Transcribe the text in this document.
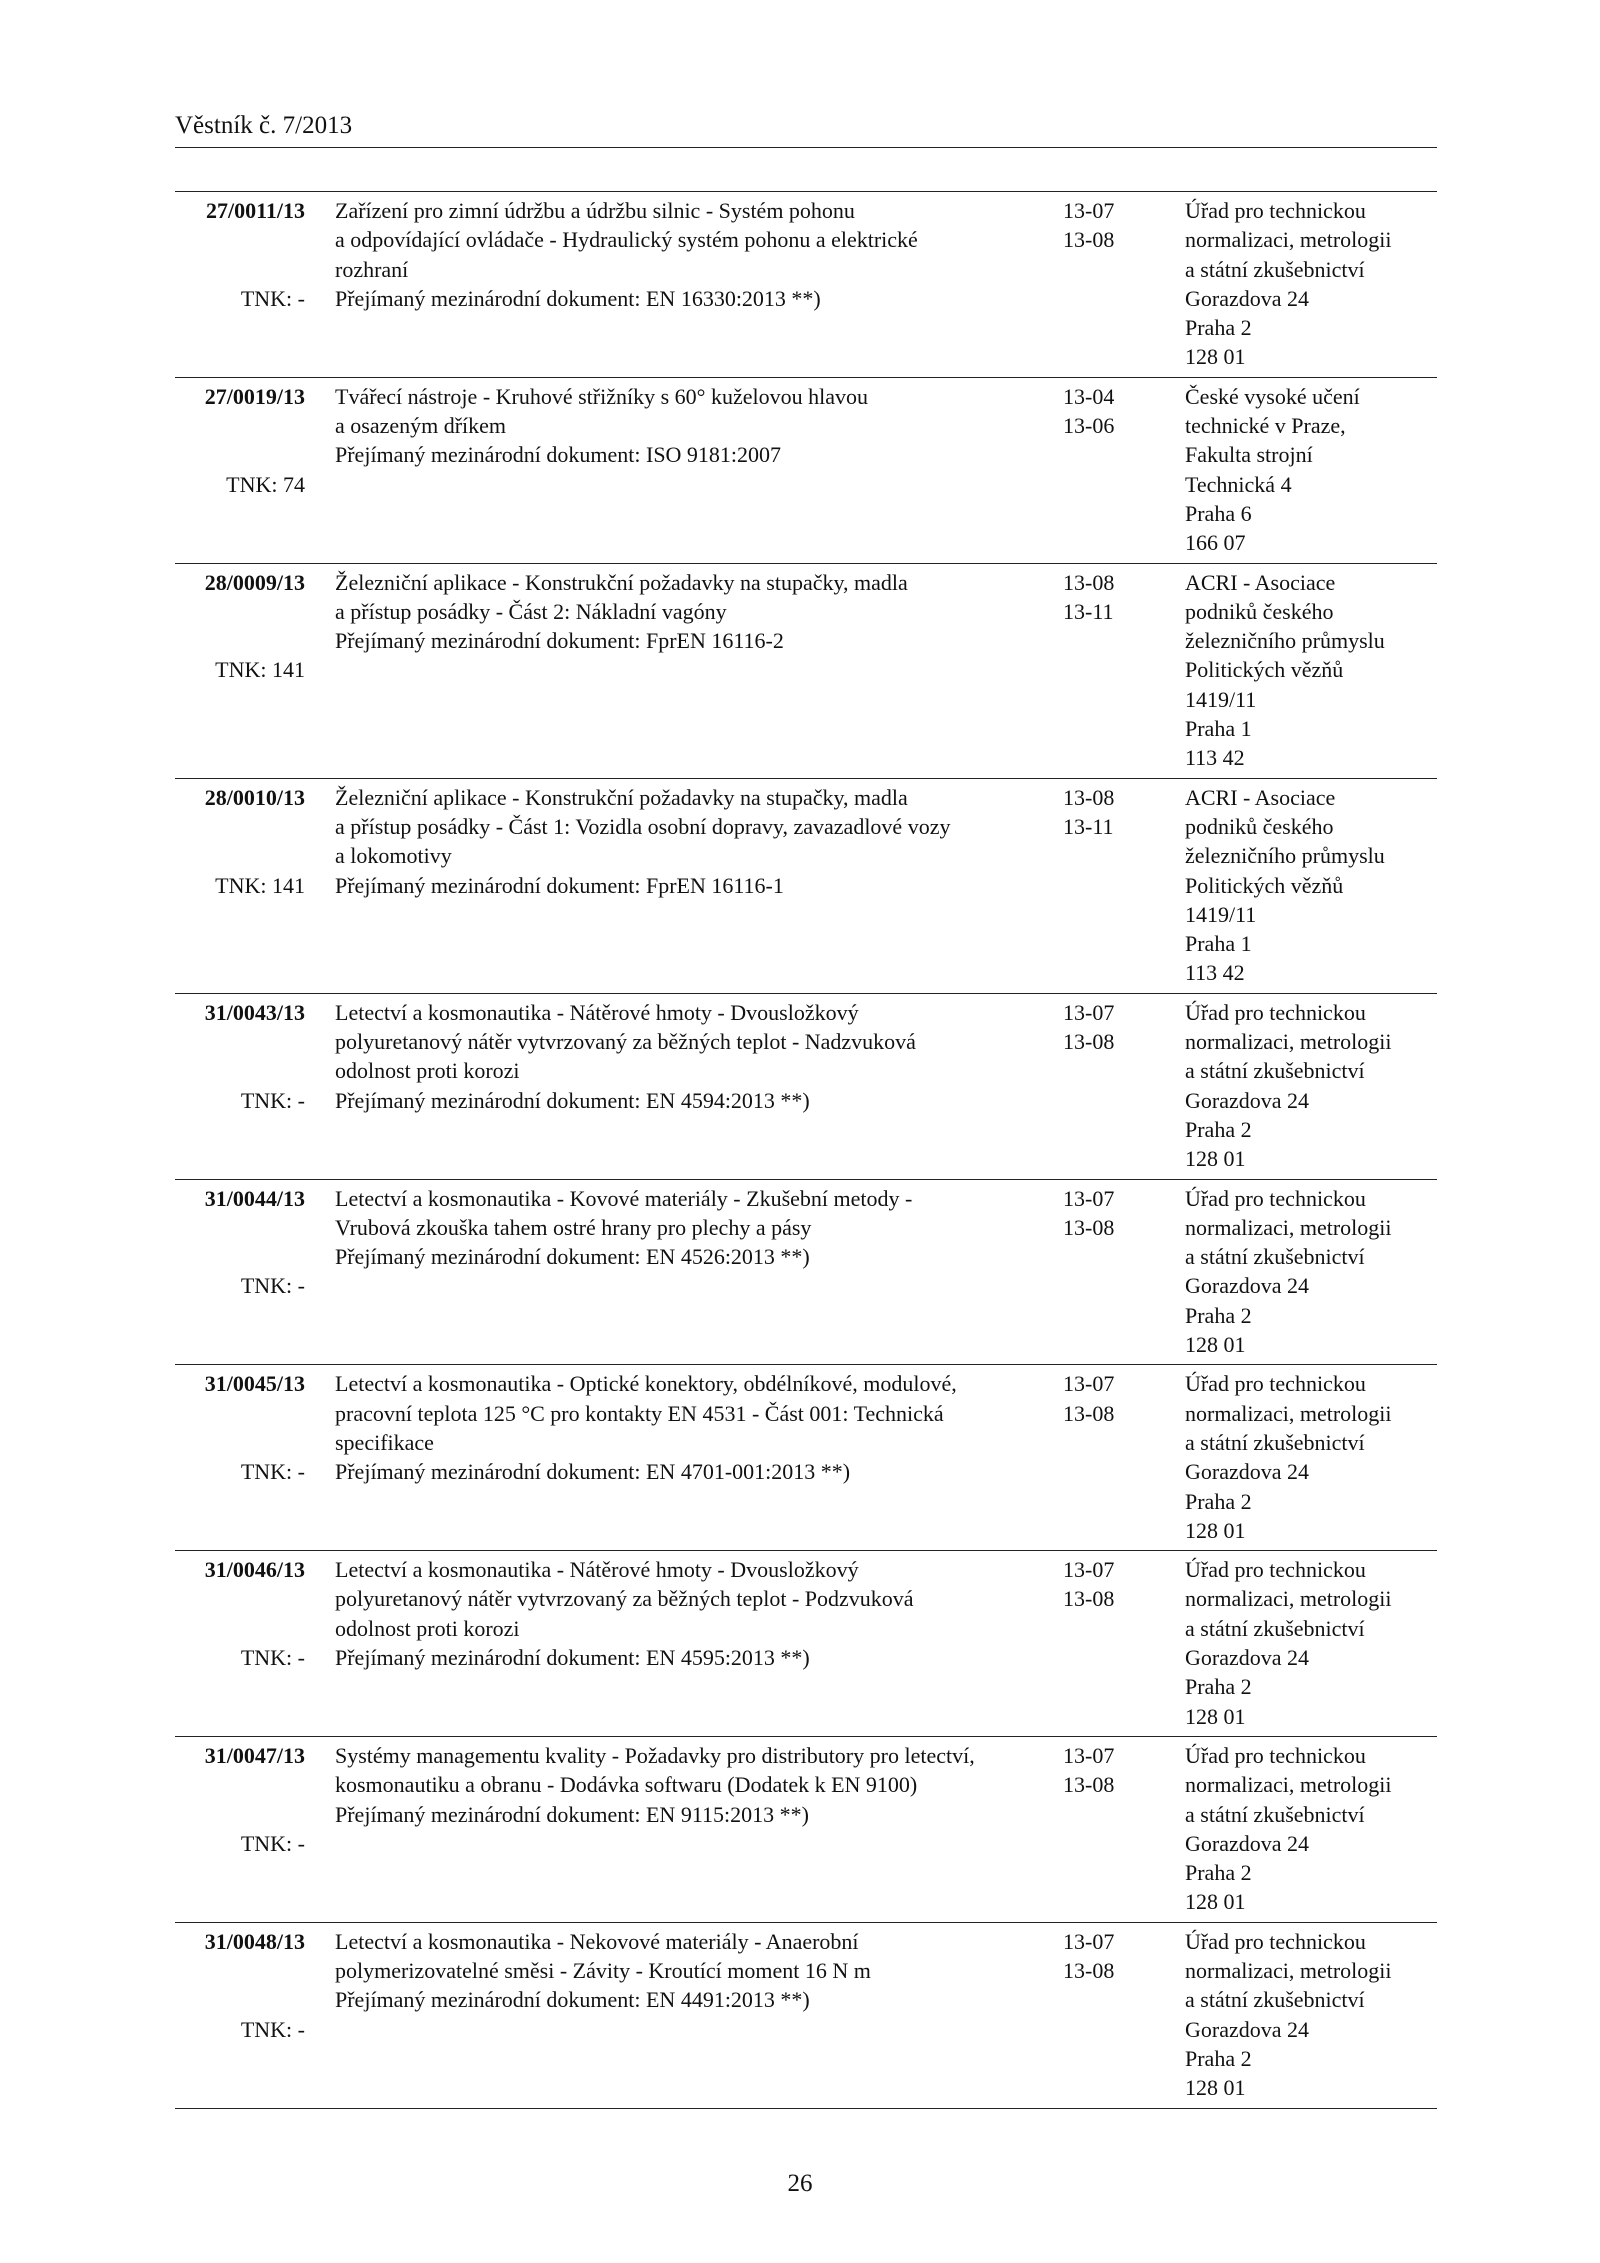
Věstník č. 7/2013
27/0011/13
TNK: -
Zařízení pro zimní údržbu a údržbu silnic - Systém pohonu
a odpovídající ovládače - Hydraulický systém pohonu a elektrické
rozhraní
Přejímaný mezinárodní dokument: EN 16330:2013 **)
13-07
13-08
Úřad pro technickou
normalizaci, metrologii
a státní zkušebnictví
Gorazdova 24
Praha 2
128 01
27/0019/13
TNK: 74
Tvářecí nástroje - Kruhové střižníky s 60° kuželovou hlavou
a osazeným dříkem
Přejímaný mezinárodní dokument: ISO 9181:2007
13-04
13-06
České vysoké učení
technické v Praze,
Fakulta strojní
Technická 4
Praha 6
166 07
28/0009/13
TNK: 141
Železniční aplikace - Konstrukční požadavky na stupačky, madla
a přístup posádky - Část 2: Nákladní vagóny
Přejímaný mezinárodní dokument: FprEN 16116-2
13-08
13-11
ACRI - Asociace
podniků českého
železničního průmyslu
Politických vězňů
1419/11
Praha 1
113 42
28/0010/13
TNK: 141
Železniční aplikace - Konstrukční požadavky na stupačky, madla
a přístup posádky - Část 1: Vozidla osobní dopravy, zavazadlové vozy
a lokomotivy
Přejímaný mezinárodní dokument: FprEN 16116-1
13-08
13-11
ACRI - Asociace
podniků českého
železničního průmyslu
Politických vězňů
1419/11
Praha 1
113 42
31/0043/13
TNK: -
Letectví a kosmonautika - Nátěrové hmoty - Dvousložkový
polyuretanový nátěr vytvrzovaný za běžných teplot - Nadzvuková
odolnost proti korozi
Přejímaný mezinárodní dokument: EN 4594:2013 **)
13-07
13-08
Úřad pro technickou
normalizaci, metrologii
a státní zkušebnictví
Gorazdova 24
Praha 2
128 01
31/0044/13
TNK: -
Letectví a kosmonautika - Kovové materiály - Zkušební metody -
Vrubová zkouška tahem ostré hrany pro plechy a pásy
Přejímaný mezinárodní dokument: EN 4526:2013 **)
13-07
13-08
Úřad pro technickou
normalizaci, metrologii
a státní zkušebnictví
Gorazdova 24
Praha 2
128 01
31/0045/13
TNK: -
Letectví a kosmonautika - Optické konektory, obdélníkové, modulové,
pracovní teplota 125 °C pro kontakty EN 4531 - Část 001: Technická
specifikace
Přejímaný mezinárodní dokument: EN 4701-001:2013 **)
13-07
13-08
Úřad pro technickou
normalizaci, metrologii
a státní zkušebnictví
Gorazdova 24
Praha 2
128 01
31/0046/13
TNK: -
Letectví a kosmonautika - Nátěrové hmoty - Dvousložkový
polyuretanový nátěr vytvrzovaný za běžných teplot - Podzvuková
odolnost proti korozi
Přejímaný mezinárodní dokument: EN 4595:2013 **)
13-07
13-08
Úřad pro technickou
normalizaci, metrologii
a státní zkušebnictví
Gorazdova 24
Praha 2
128 01
31/0047/13
TNK: -
Systémy managementu kvality - Požadavky pro distributory pro letectví,
kosmonautiku a obranu - Dodávka softwaru (Dodatek k EN 9100)
Přejímaný mezinárodní dokument: EN 9115:2013 **)
13-07
13-08
Úřad pro technickou
normalizaci, metrologii
a státní zkušebnictví
Gorazdova 24
Praha 2
128 01
31/0048/13
TNK: -
Letectví a kosmonautika - Nekovové materiály - Anaerobní
polymerizovatelné směsi - Závity - Kroutící moment 16 N m
Přejímaný mezinárodní dokument: EN 4491:2013 **)
13-07
13-08
Úřad pro technickou
normalizaci, metrologii
a státní zkušebnictví
Gorazdova 24
Praha 2
128 01
26
